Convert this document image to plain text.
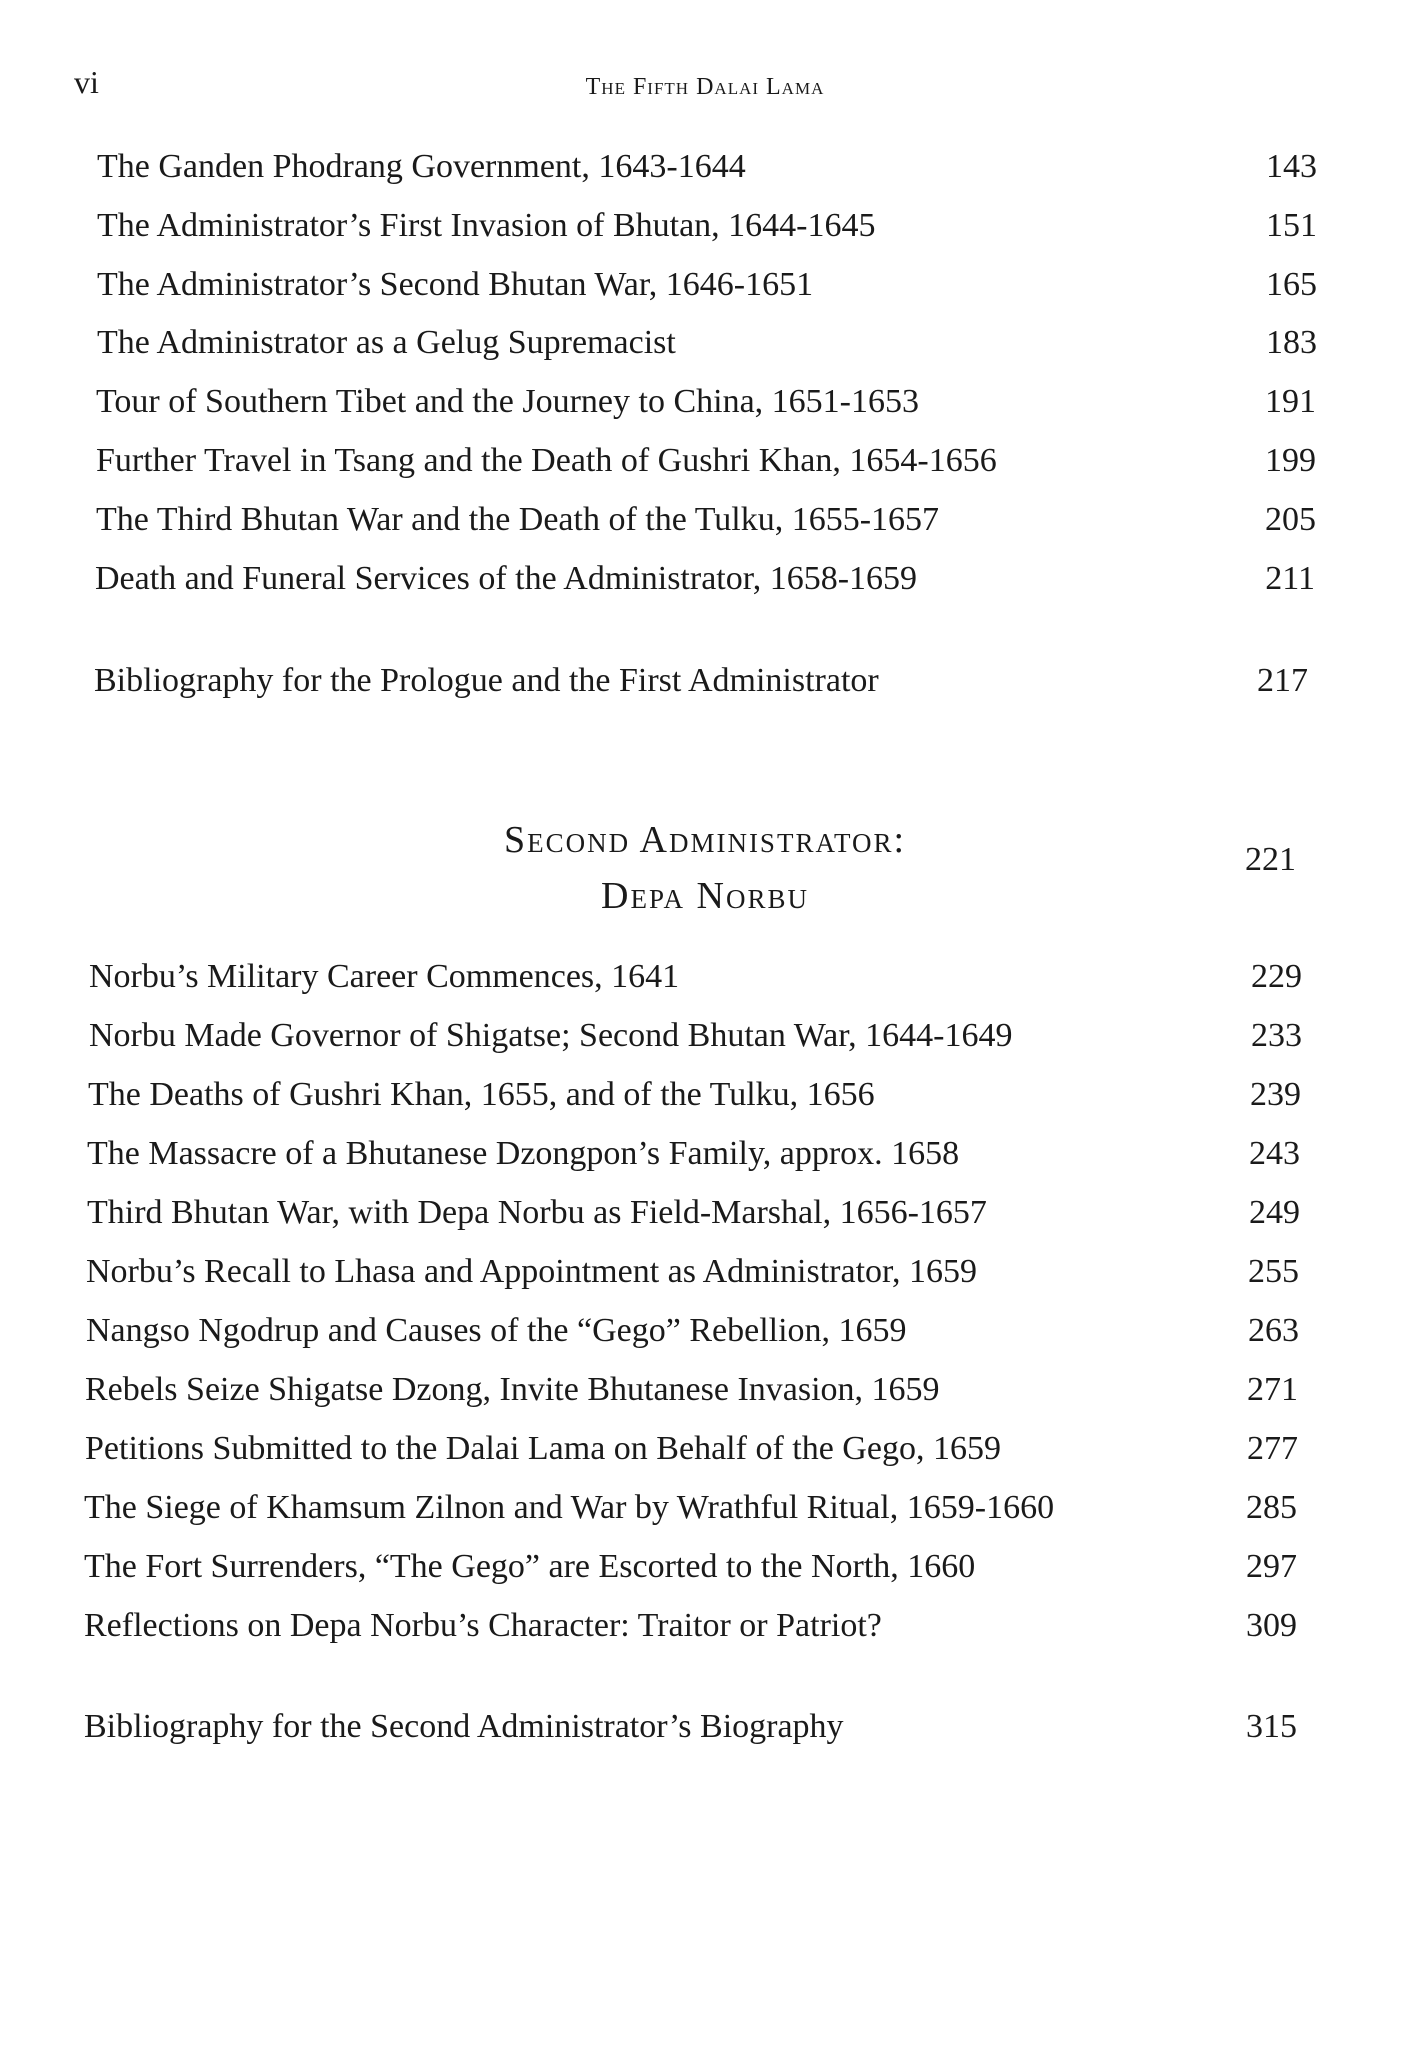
vi	The Fifth Dalai Lama
The Ganden Phodrang Government, 1643-1644	143
The Administrator’s First Invasion of Bhutan, 1644-1645	151
The Administrator’s Second Bhutan War, 1646-1651	165
The Administrator as a Gelug Supremacist	183
Tour of Southern Tibet and the Journey to China, 1651-1653	191
Further Travel in Tsang and the Death of Gushri Khan, 1654-1656	199
The Third Bhutan War and the Death of the Tulku, 1655-1657	205
Death and Funeral Services of the Administrator, 1658-1659	211
Bibliography for the Prologue and the First Administrator	217
Second Administrator:
Depa Norbu
221
Norbu’s Military Career Commences, 1641	229
Norbu Made Governor of Shigatse; Second Bhutan War, 1644-1649	233
The Deaths of Gushri Khan, 1655, and of the Tulku, 1656	239
The Massacre of a Bhutanese Dzongpon’s Family, approx. 1658	243
Third Bhutan War, with Depa Norbu as Field-Marshal, 1656-1657	249
Norbu’s Recall to Lhasa and Appointment as Administrator, 1659	255
Nangso Ngodrup and Causes of the “Gego” Rebellion, 1659	263
Rebels Seize Shigatse Dzong, Invite Bhutanese Invasion, 1659	271
Petitions Submitted to the Dalai Lama on Behalf of the Gego, 1659	277
The Siege of Khamsum Zilnon and War by Wrathful Ritual, 1659-1660	285
The Fort Surrenders, “The Gego” are Escorted to the North, 1660	297
Reflections on Depa Norbu’s Character: Traitor or Patriot?	309
Bibliography for the Second Administrator’s Biography	315
